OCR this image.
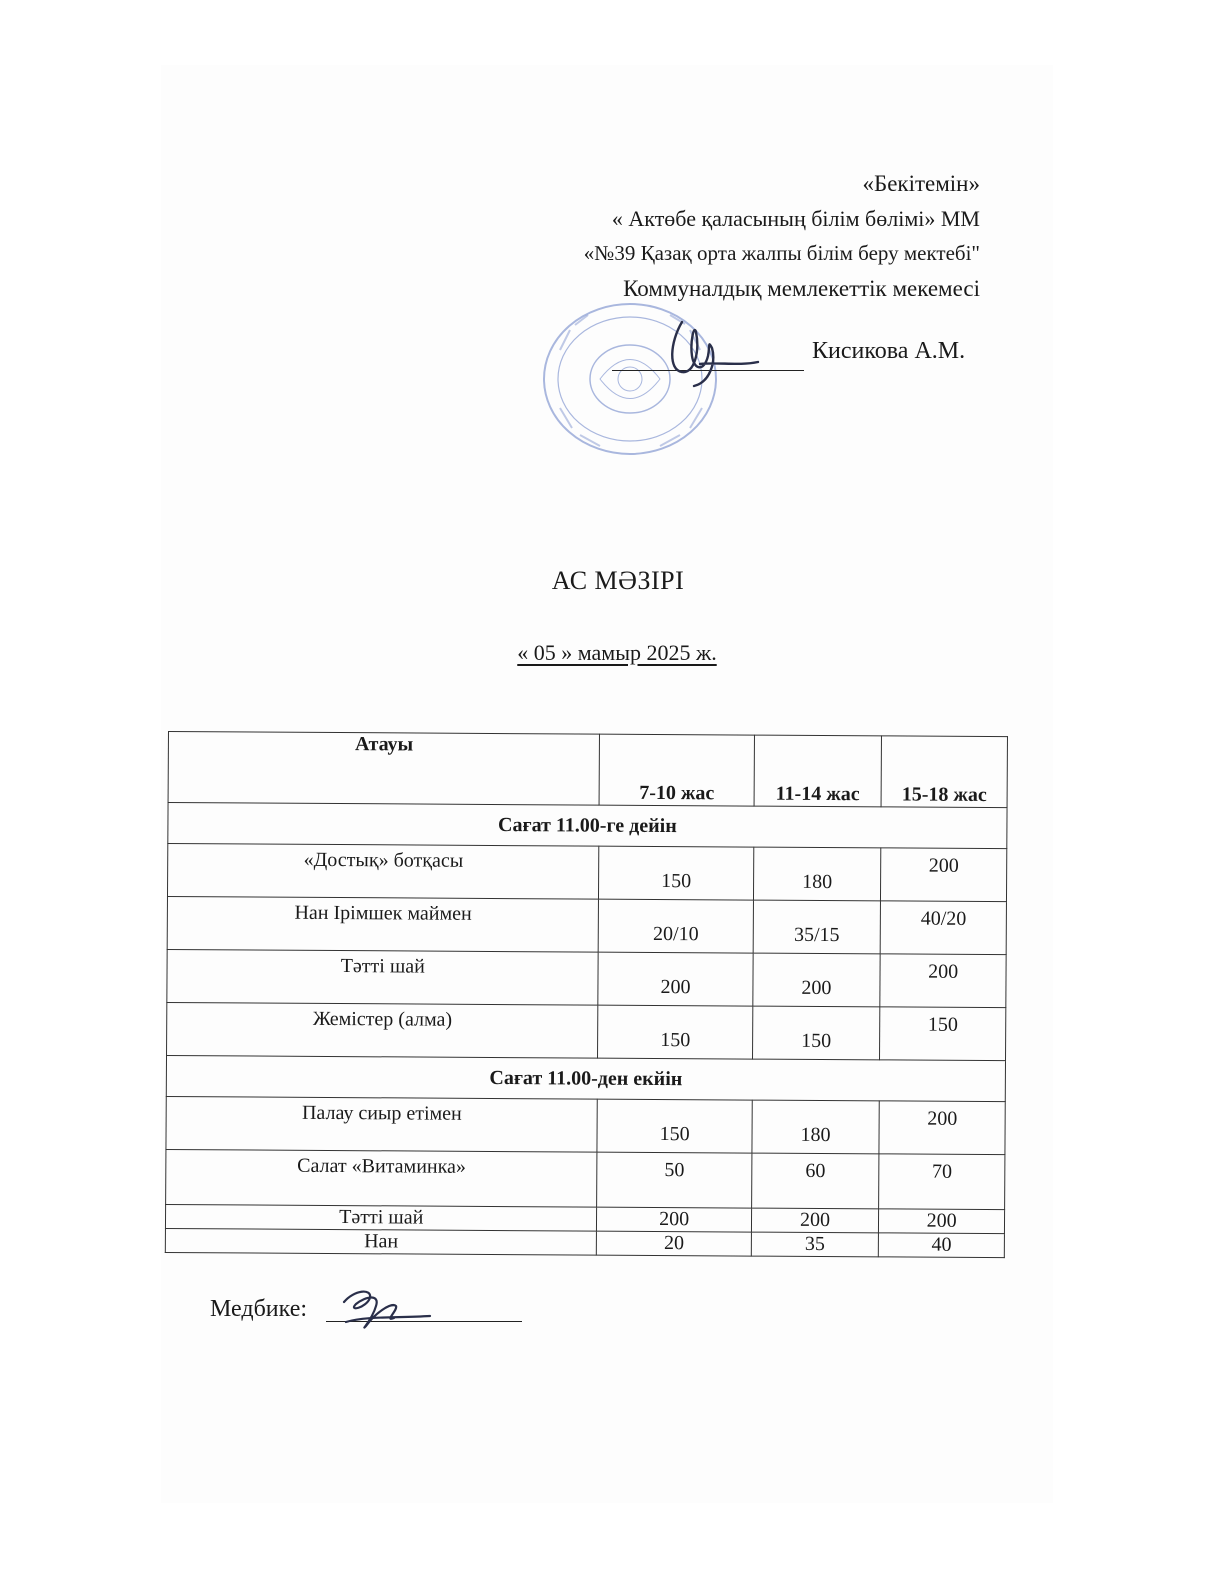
«Бекітемін»
« Актөбе қаласының білім бөлімі» ММ
«№39 Қазақ орта жалпы білім беру мектебі"
Коммуналдық мемлекеттік мекемесі
Кисикова А.М.
АС МӘЗІРІ
« 05 » мамыр 2025 ж.
Атауы	7-10 жас	11-14 жас	15-18 жас
Сағат 11.00-ге дейін			
«Достық» ботқасы	150	180	200
Нан Ірімшек маймен	20/10	35/15	40/20
Тәтті шай	200	200	200
Жемістер (алма)	150	150	150
Сағат 11.00-ден екйін			
Палау сиыр етімен	150	180	200
Салат «Витаминка»	50	60	70
Тәтті шай	200	200	200
Нан	20	35	40
Медбике:
